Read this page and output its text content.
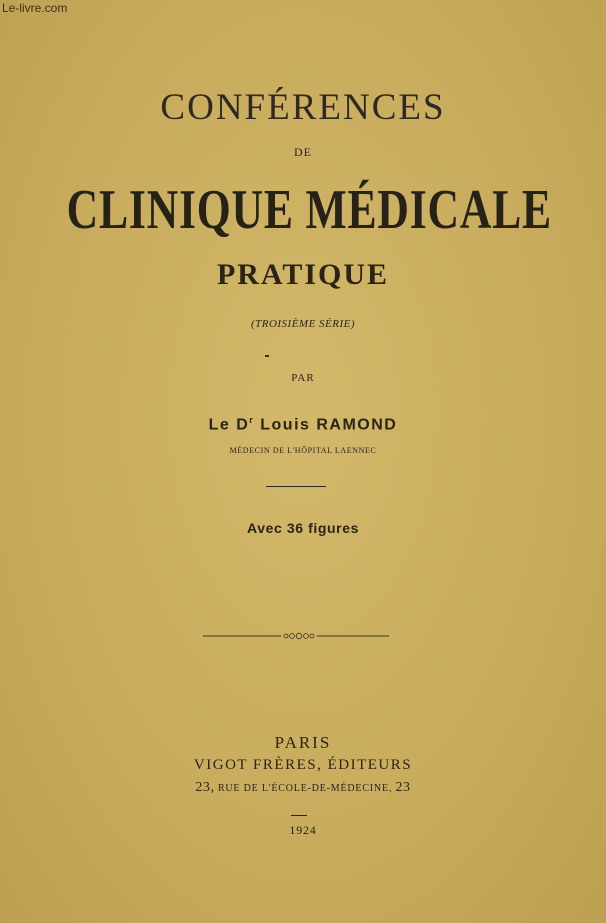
Le-livre.com
CONFÉRENCES
DE
CLINIQUE MÉDICALE
PRATIQUE
(TROISIÈME SÉRIE)
PAR
Le $D^r$ Louis RAMOND
MÉDECIN DE L'HÔPITAL LAENNEC
Avec 36 figures
PARIS
VIGOT FRÈRES, ÉDITEURS
23, RUE DE L'ÉCOLE-DE-MÉDECINE, 23
1924
